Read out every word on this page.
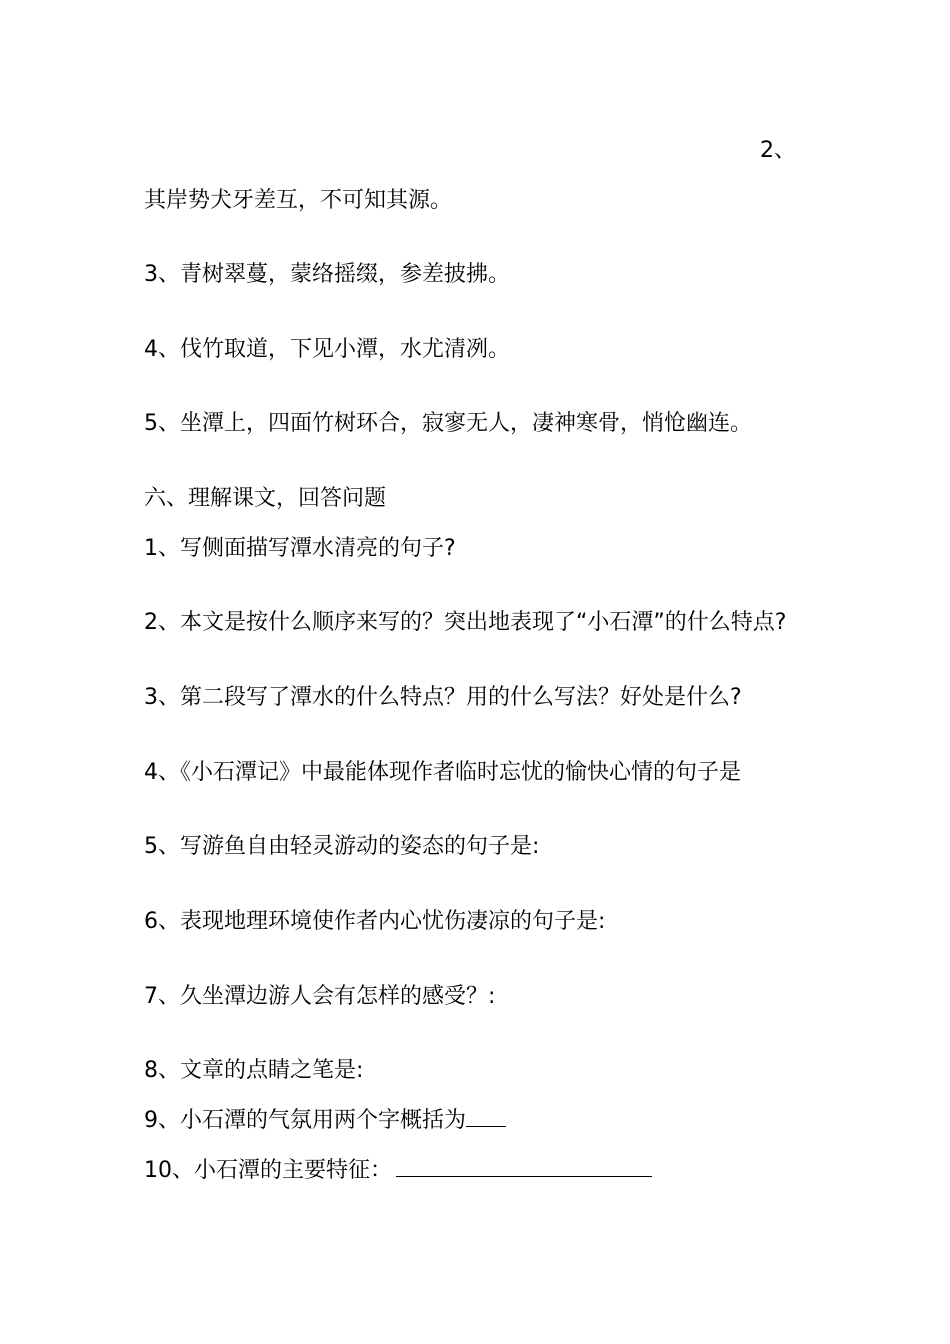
2、
其岸势犬牙差互，不可知其源。
3、青树翠蔓，蒙络摇缀，参差披拂。
4、伐竹取道，下见小潭，水尤清冽。
5、坐潭上，四面竹树环合，寂寥无人，凄神寒骨，悄怆幽连。
六、理解课文，回答问题
1、写侧面描写潭水清亮的句子?
2、本文是按什么顺序来写的？突出地表现了“小石潭”的什么特点?
3、第二段写了潭水的什么特点？用的什么写法？好处是什么?
4、《小石潭记》中最能体现作者临时忘忧的愉快心情的句子是
5、写游鱼自由轻灵游动的姿态的句子是:
6、表现地理环境使作者内心忧伤凄凉的句子是:
7、久坐潭边游人会有怎样的感受？:
8、文章的点睛之笔是:
9、小石潭的气氛用两个字概括为
10、小石潭的主要特征：
